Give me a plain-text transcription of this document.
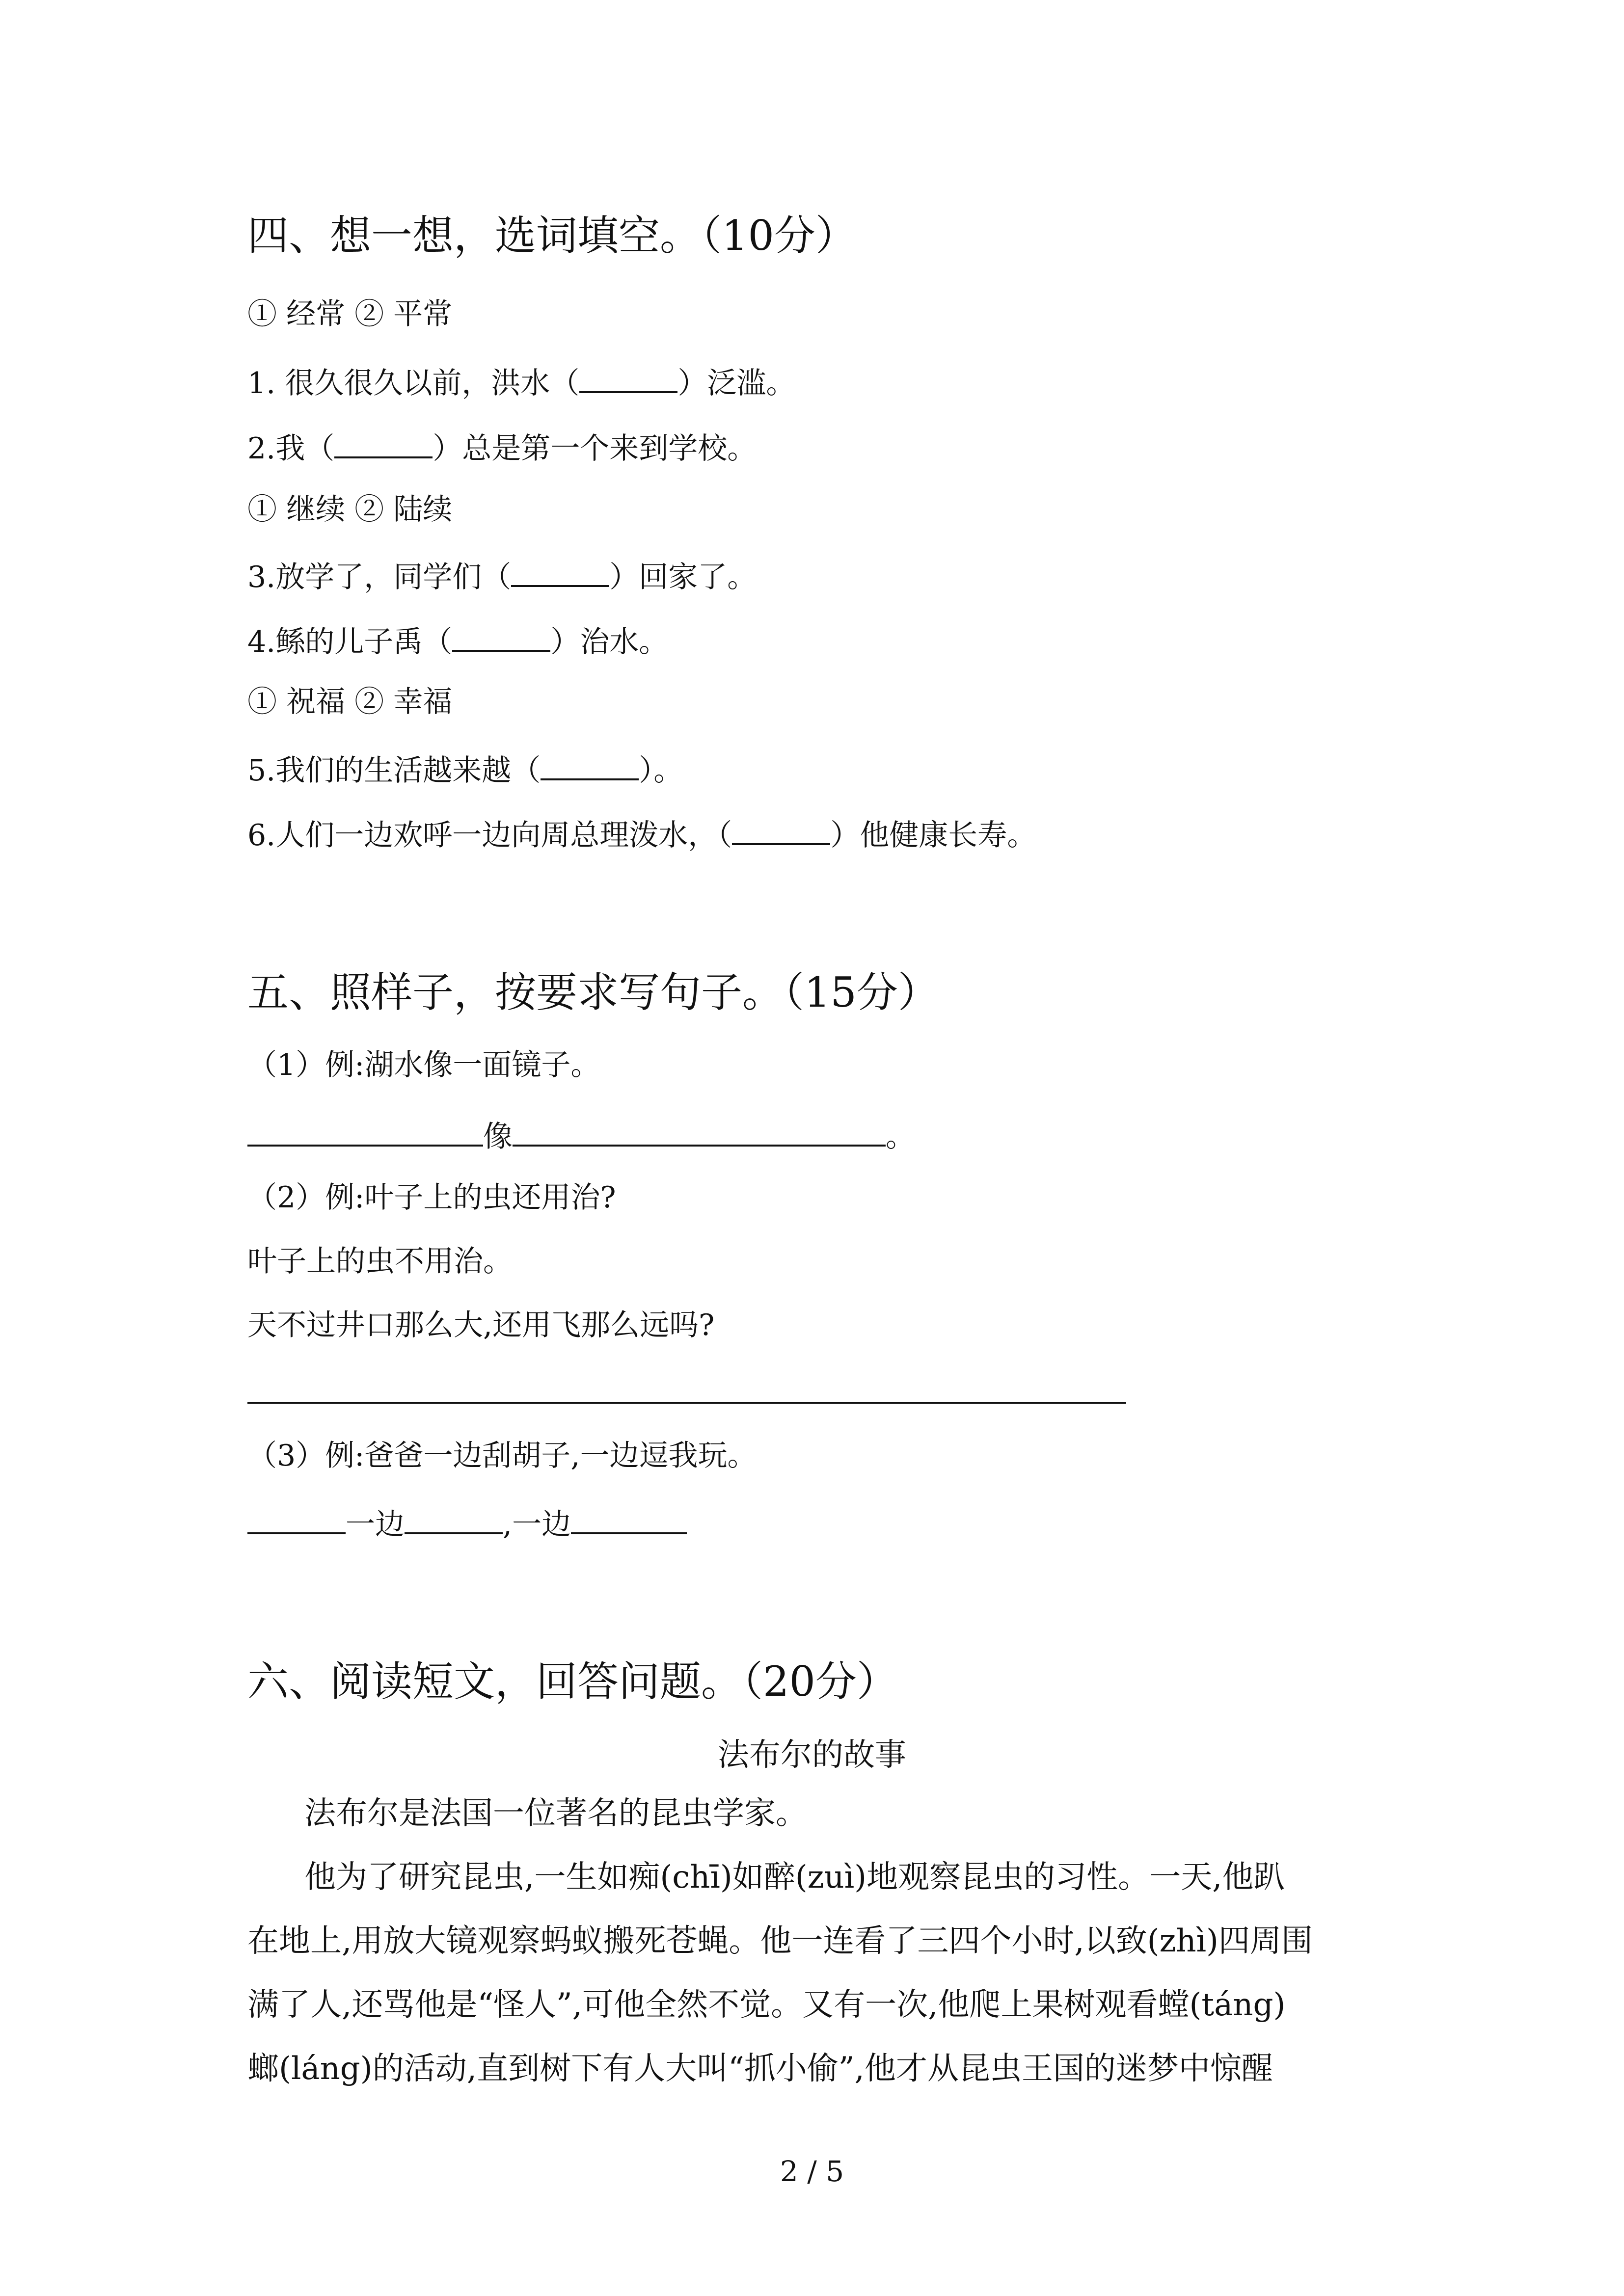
四、想一想，选词填空。（10分）
① 经常 ② 平常
1. 很久很久以前，洪水（	）泛滥。
2.我（	）总是第一个来到学校。
① 继续 ② 陆续
3.放学了，同学们（	）回家了。
4.鲧的儿子禹（	）治水。
① 祝福 ② 幸福
5.我们的生活越来越（	）。
6.人们一边欢呼一边向周总理泼水，（	）他健康长寿。
五、照样子，按要求写句子。（15分）
（1）例:湖水像一面镜子。
像	。
（2）例:叶子上的虫还用治?
叶子上的虫不用治。
天不过井口那么大,还用飞那么远吗?
（3）例:爸爸一边刮胡子,一边逗我玩。
一边	,一边
六、阅读短文，回答问题。（20分）
法布尔的故事
法布尔是法国一位著名的昆虫学家。
他为了研究昆虫,一生如痴(chī)如醉(zuì)地观察昆虫的习性。一天,他趴
在地上,用放大镜观察蚂蚁搬死苍蝇。他一连看了三四个小时,以致(zhì)四周围
满了人,还骂他是“怪人”,可他全然不觉。又有一次,他爬上果树观看螳(táng)
螂(láng)的活动,直到树下有人大叫“抓小偷”,他才从昆虫王国的迷梦中惊醒
2 / 5
